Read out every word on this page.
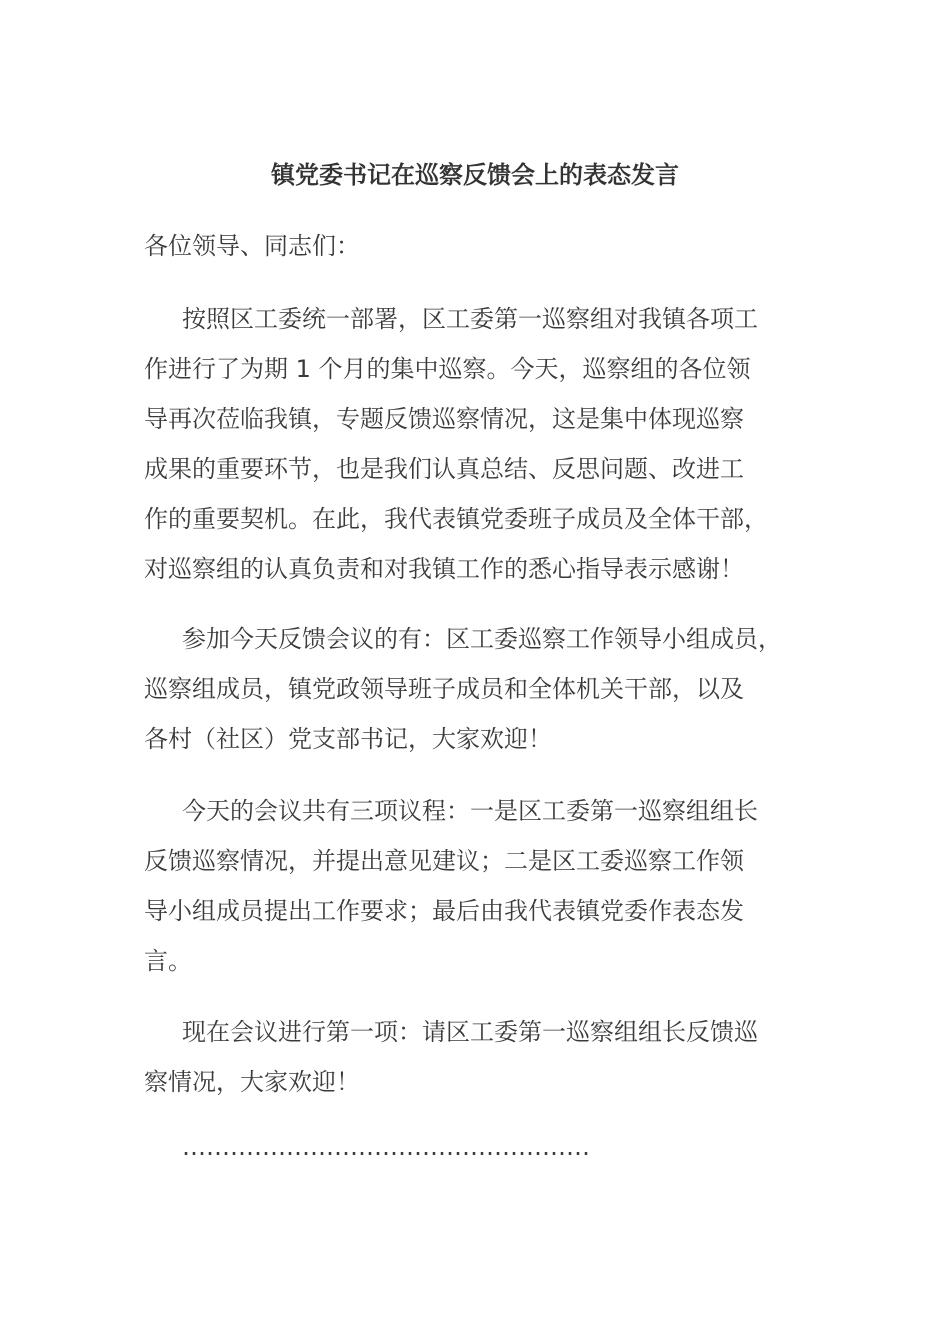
镇党委书记在巡察反馈会上的表态发言

各位领导、同志们：

按照区工委统一部署，区工委第一巡察组对我镇各项工
作进行了为期 1 个月的集中巡察。今天，巡察组的各位领
导再次莅临我镇，专题反馈巡察情况，这是集中体现巡察
成果的重要环节，也是我们认真总结、反思问题、改进工
作的重要契机。在此，我代表镇党委班子成员及全体干部，
对巡察组的认真负责和对我镇工作的悉心指导表示感谢！
参加今天反馈会议的有：区工委巡察工作领导小组成员，
巡察组成员，镇党政领导班子成员和全体机关干部，以及
各村（社区）党支部书记，大家欢迎！
今天的会议共有三项议程：一是区工委第一巡察组组长
反馈巡察情况，并提出意见建议；二是区工委巡察工作领
导小组成员提出工作要求；最后由我代表镇党委作表态发
言。
现在会议进行第一项：请区工委第一巡察组组长反馈巡
察情况，大家欢迎！

……………………………………………
